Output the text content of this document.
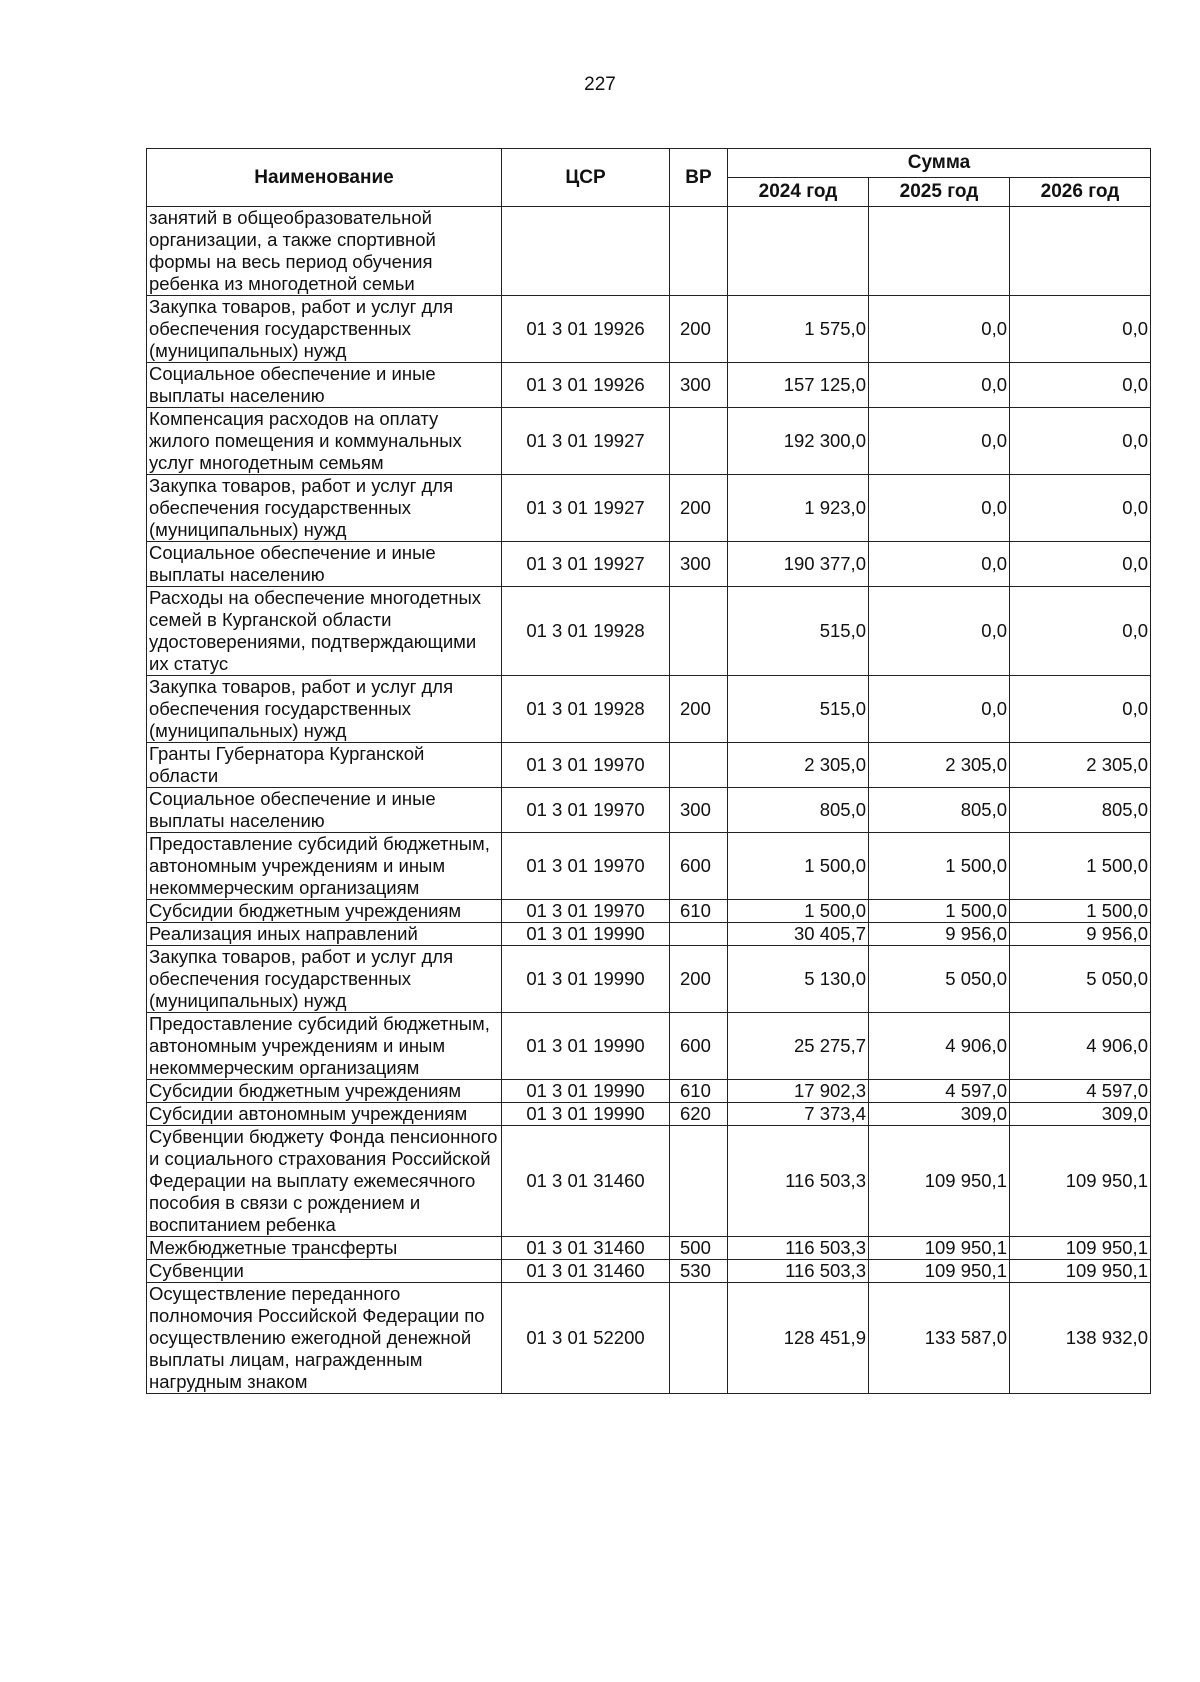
227
Наименование	ЦСР	ВР	Сумма		
			2024 год	2025 год	2026 год
занятий в общеобразовательной организации, а также спортивной формы на весь период обучения ребенка из многодетной семьи					
Закупка товаров, работ и услуг для обеспечения государственных (муниципальных) нужд	01 3 01 19926	200	1 575,0	0,0	0,0
Социальное обеспечение и иные выплаты населению	01 3 01 19926	300	157 125,0	0,0	0,0
Компенсация расходов на оплату жилого помещения и коммунальных услуг многодетным семьям	01 3 01 19927		192 300,0	0,0	0,0
Закупка товаров, работ и услуг для обеспечения государственных (муниципальных) нужд	01 3 01 19927	200	1 923,0	0,0	0,0
Социальное обеспечение и иные выплаты населению	01 3 01 19927	300	190 377,0	0,0	0,0
Расходы на обеспечение многодетных семей в Курганской области удостоверениями, подтверждающими их статус	01 3 01 19928		515,0	0,0	0,0
Закупка товаров, работ и услуг для обеспечения государственных (муниципальных) нужд	01 3 01 19928	200	515,0	0,0	0,0
Гранты Губернатора Курганской области	01 3 01 19970		2 305,0	2 305,0	2 305,0
Социальное обеспечение и иные выплаты населению	01 3 01 19970	300	805,0	805,0	805,0
Предоставление субсидий бюджетным, автономным учреждениям и иным некоммерческим организациям	01 3 01 19970	600	1 500,0	1 500,0	1 500,0
Субсидии бюджетным учреждениям	01 3 01 19970	610	1 500,0	1 500,0	1 500,0
Реализация иных направлений	01 3 01 19990		30 405,7	9 956,0	9 956,0
Закупка товаров, работ и услуг для обеспечения государственных (муниципальных) нужд	01 3 01 19990	200	5 130,0	5 050,0	5 050,0
Предоставление субсидий бюджетным, автономным учреждениям и иным некоммерческим организациям	01 3 01 19990	600	25 275,7	4 906,0	4 906,0
Субсидии бюджетным учреждениям	01 3 01 19990	610	17 902,3	4 597,0	4 597,0
Субсидии автономным учреждениям	01 3 01 19990	620	7 373,4	309,0	309,0
Субвенции бюджету Фонда пенсионного и социального страхования Российской Федерации на выплату ежемесячного пособия в связи с рождением и воспитанием ребенка	01 3 01 31460		116 503,3	109 950,1	109 950,1
Межбюджетные трансферты	01 3 01 31460	500	116 503,3	109 950,1	109 950,1
Субвенции	01 3 01 31460	530	116 503,3	109 950,1	109 950,1
Осуществление переданного полномочия Российской Федерации по осуществлению ежегодной денежной выплаты лицам, награжденным нагрудным знаком	01 3 01 52200		128 451,9	133 587,0	138 932,0
